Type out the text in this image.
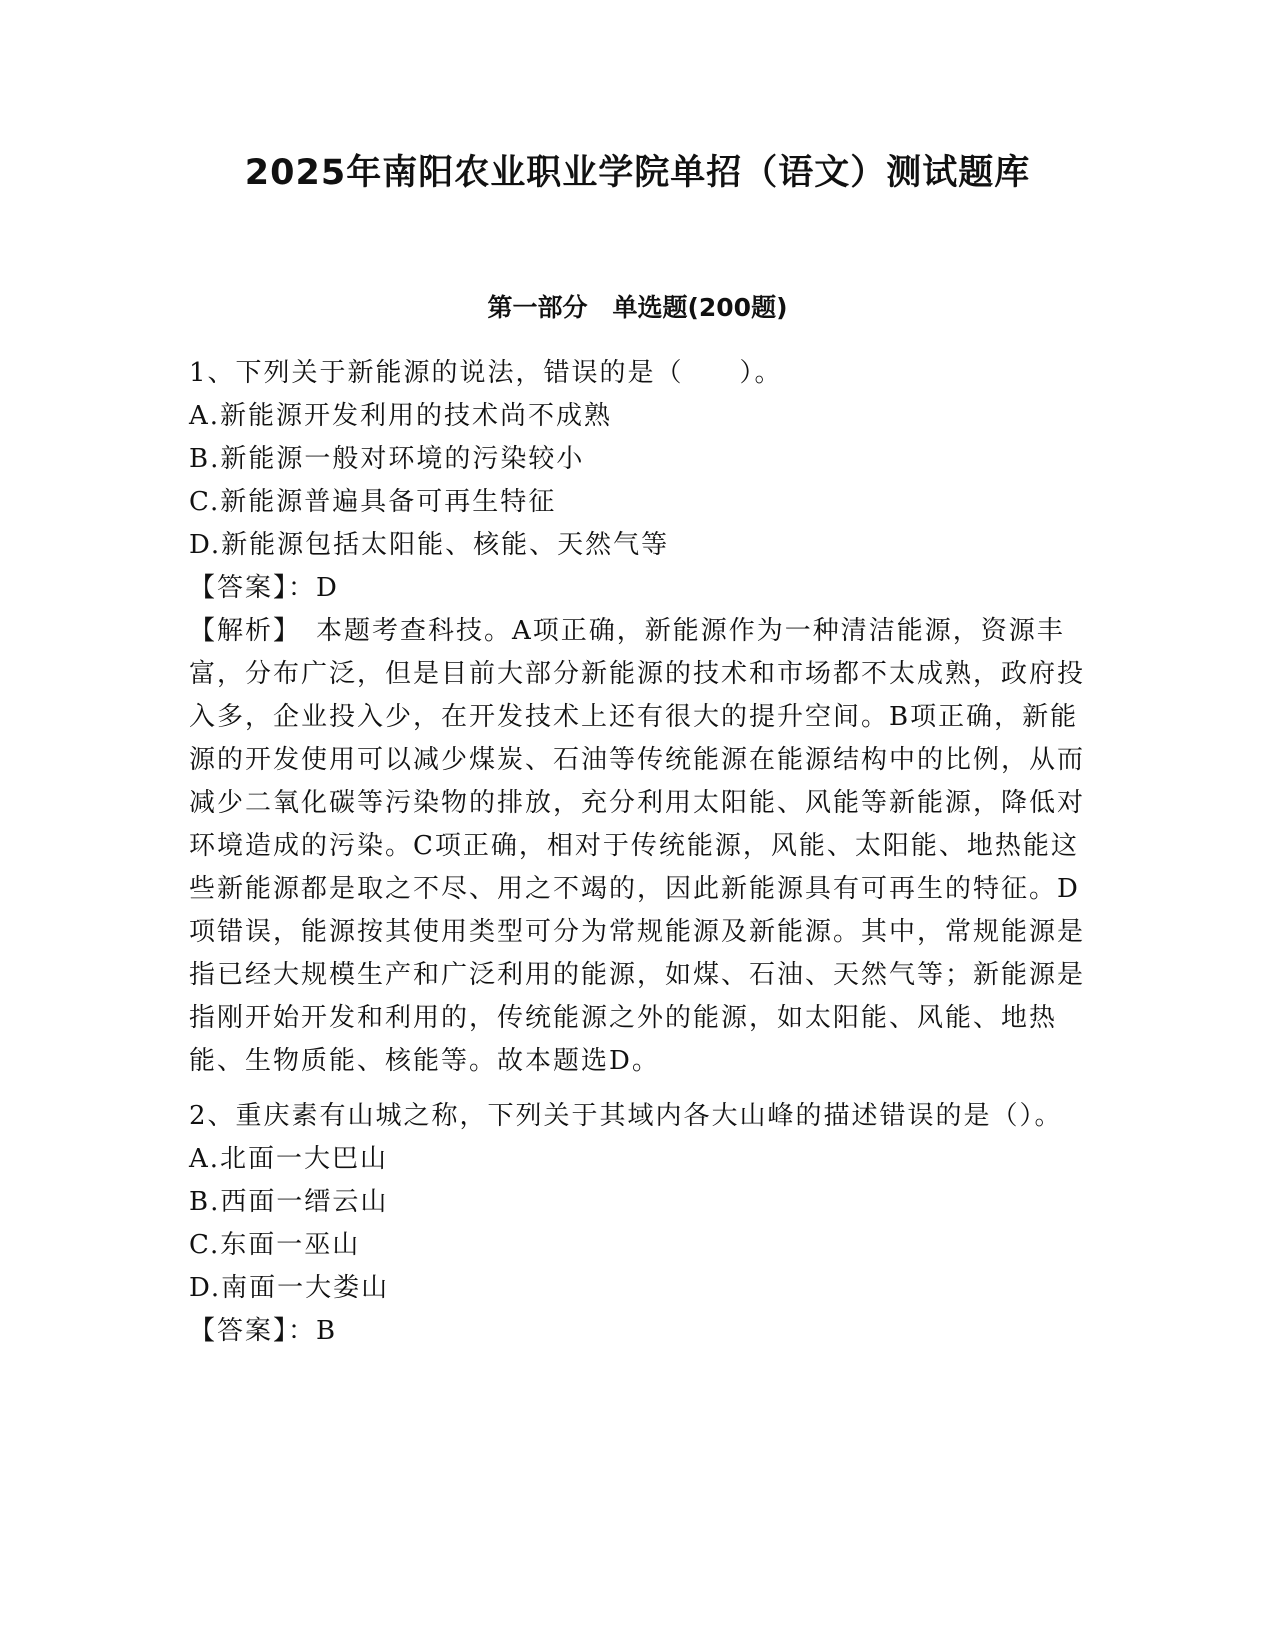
2025年南阳农业职业学院单招（语文）测试题库
第一部分　单选题(200题)

1、下列关于新能源的说法，错误的是（　　）。

A.新能源开发利用的技术尚不成熟

B.新能源一般对环境的污染较小

C.新能源普遍具备可再生特征

D.新能源包括太阳能、核能、天然气等

【答案】：D

【解析】　本题考查科技。A项正确，新能源作为一种清洁能源，资源丰富，分布广泛，但是目前大部分新能源的技术和市场都不太成熟，政府投入多，企业投入少，在开发技术上还有很大的提升空间。B项正确，新能源的开发使用可以减少煤炭、石油等传统能源在能源结构中的比例，从而减少二氧化碳等污染物的排放，充分利用太阳能、风能等新能源，降低对环境造成的污染。C项正确，相对于传统能源，风能、太阳能、地热能这些新能源都是取之不尽、用之不竭的，因此新能源具有可再生的特征。D项错误，能源按其使用类型可分为常规能源及新能源。其中，常规能源是指已经大规模生产和广泛利用的能源，如煤、石油、天然气等；新能源是指刚开始开发和利用的，传统能源之外的能源，如太阳能、风能、地热能、生物质能、核能等。故本题选D。

2、重庆素有山城之称，下列关于其域内各大山峰的描述错误的是（）。

A.北面一大巴山

B.西面一缙云山

C.东面一巫山

D.南面一大娄山

【答案】：B
